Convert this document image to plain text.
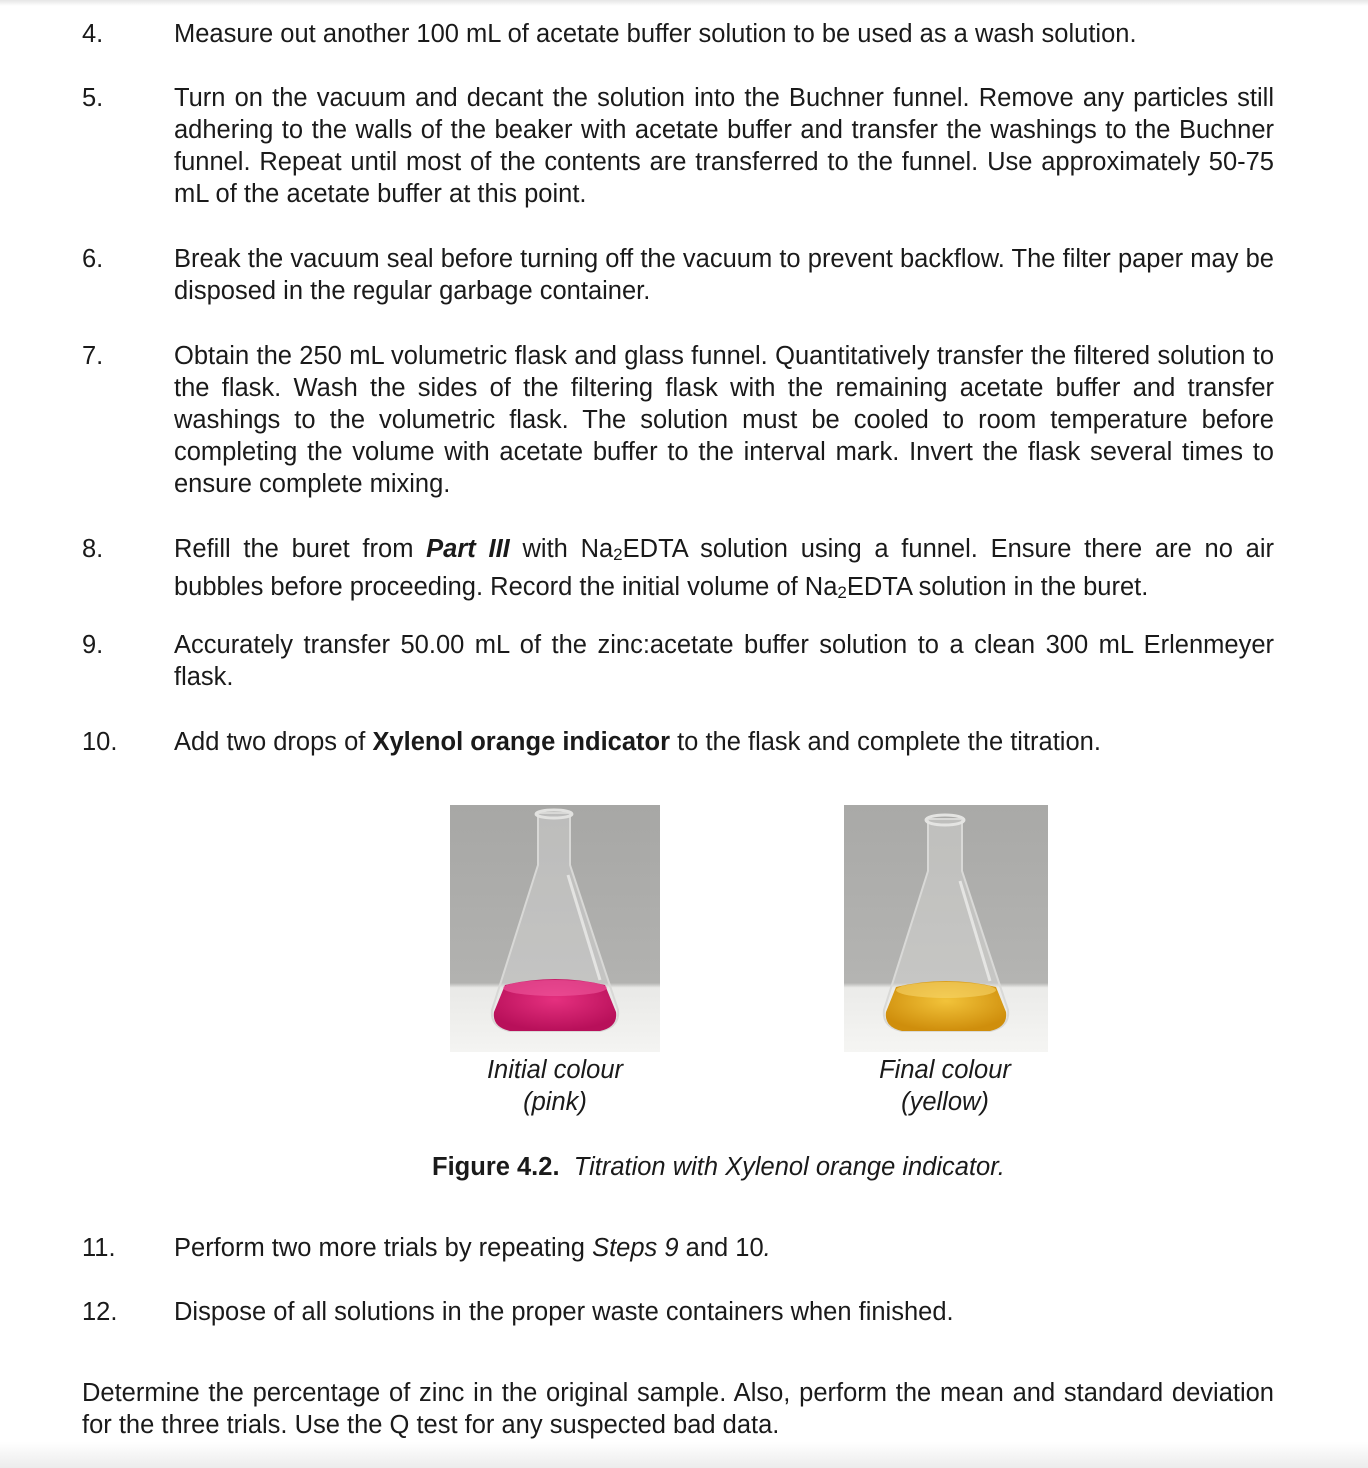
4.	Measure out another 100 mL of acetate buffer solution to be used as a wash solution.
5.	Turn on the vacuum and decant the solution into the Buchner funnel. Remove any particles still adhering to the walls of the beaker with acetate buffer and transfer the washings to the Buchner funnel. Repeat until most of the contents are transferred to the funnel. Use approximately 50-75 mL of the acetate buffer at this point.
6.	Break the vacuum seal before turning off the vacuum to prevent backflow. The filter paper may be disposed in the regular garbage container.
7.	Obtain the 250 mL volumetric flask and glass funnel. Quantitatively transfer the filtered solution to the flask. Wash the sides of the filtering flask with the remaining acetate buffer and transfer washings to the volumetric flask. The solution must be cooled to room temperature before completing the volume with acetate buffer to the interval mark. Invert the flask several times to ensure complete mixing.
8.	Refill the buret from Part III with Na2EDTA solution using a funnel. Ensure there are no air bubbles before proceeding. Record the initial volume of Na2EDTA solution in the buret.
9.	Accurately transfer 50.00 mL of the zinc:acetate buffer solution to a clean 300 mL Erlenmeyer flask.
10. Add two drops of Xylenol orange indicator to the flask and complete the titration.
Initial colour
(pink)
Final colour
(yellow)
Figure 4.2. Titration with Xylenol orange indicator.
11. Perform two more trials by repeating Steps 9 and 10.
12. Dispose of all solutions in the proper waste containers when finished.
Determine the percentage of zinc in the original sample. Also, perform the mean and standard deviation for the three trials. Use the Q test for any suspected bad data.
